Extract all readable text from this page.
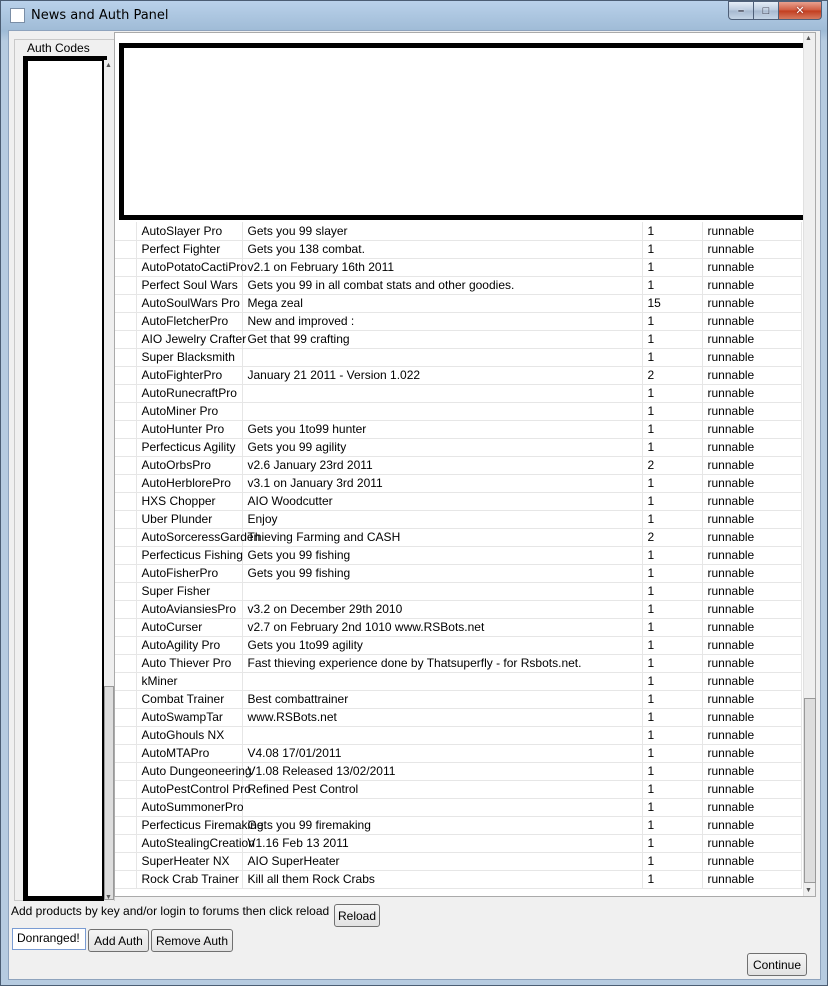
News and Auth Panel	– □ ✕
Auth Codes
▲
▼
	AutoSlayer Pro	Gets you 99 slayer	1	runnable
	Perfect Fighter	Gets you 138 combat.	1	runnable
	AutoPotatoCactiPro	v2.1 on February 16th 2011	1	runnable
	Perfect Soul Wars	Gets you 99 in all combat stats and other goodies.	1	runnable
	AutoSoulWars Pro	Mega zeal	15	runnable
	AutoFletcherPro	New and improved :	1	runnable
	AIO Jewelry Crafter	Get that 99 crafting	1	runnable
	Super Blacksmith		1	runnable
	AutoFighterPro	January 21 2011 - Version 1.022	2	runnable
	AutoRunecraftPro		1	runnable
	AutoMiner Pro		1	runnable
	AutoHunter Pro	Gets you 1to99 hunter	1	runnable
	Perfecticus Agility	Gets you 99 agility	1	runnable
	AutoOrbsPro	v2.6 January 23rd 2011	2	runnable
	AutoHerblorePro	v3.1 on January 3rd 2011	1	runnable
	HXS Chopper	AIO Woodcutter	1	runnable
	Uber Plunder	Enjoy	1	runnable
	AutoSorceressGarden	Thieving Farming and CASH	2	runnable
	Perfecticus Fishing	Gets you 99 fishing	1	runnable
	AutoFisherPro	Gets you 99 fishing	1	runnable
	Super Fisher		1	runnable
	AutoAviansiesPro	v3.2 on December 29th 2010	1	runnable
	AutoCurser	v2.7 on February 2nd 1010 www.RSBots.net	1	runnable
	AutoAgility Pro	Gets you 1to99 agility	1	runnable
	Auto Thiever Pro	Fast thieving experience done by Thatsuperfly - for Rsbots.net.	1	runnable
	kMiner		1	runnable
	Combat Trainer	Best combattrainer	1	runnable
	AutoSwampTar	www.RSBots.net	1	runnable
	AutoGhouls NX		1	runnable
	AutoMTAPro	V4.08 17/01/2011	1	runnable
	Auto Dungeoneering	V1.08 Released 13/02/2011	1	runnable
	AutoPestControl Pro	Refined Pest Control	1	runnable
	AutoSummonerPro		1	runnable
	Perfecticus Firemaking	Gets you 99 firemaking	1	runnable
	AutoStealingCreation	V1.16 Feb 13 2011	1	runnable
	SuperHeater NX	AIO SuperHeater	1	runnable
	Rock Crab Trainer	Kill all them Rock Crabs	1	runnable
▲
▼
Add products by key and/or login to forums then click reload Reload
Donranged!	Add Auth	Remove Auth
Continue
